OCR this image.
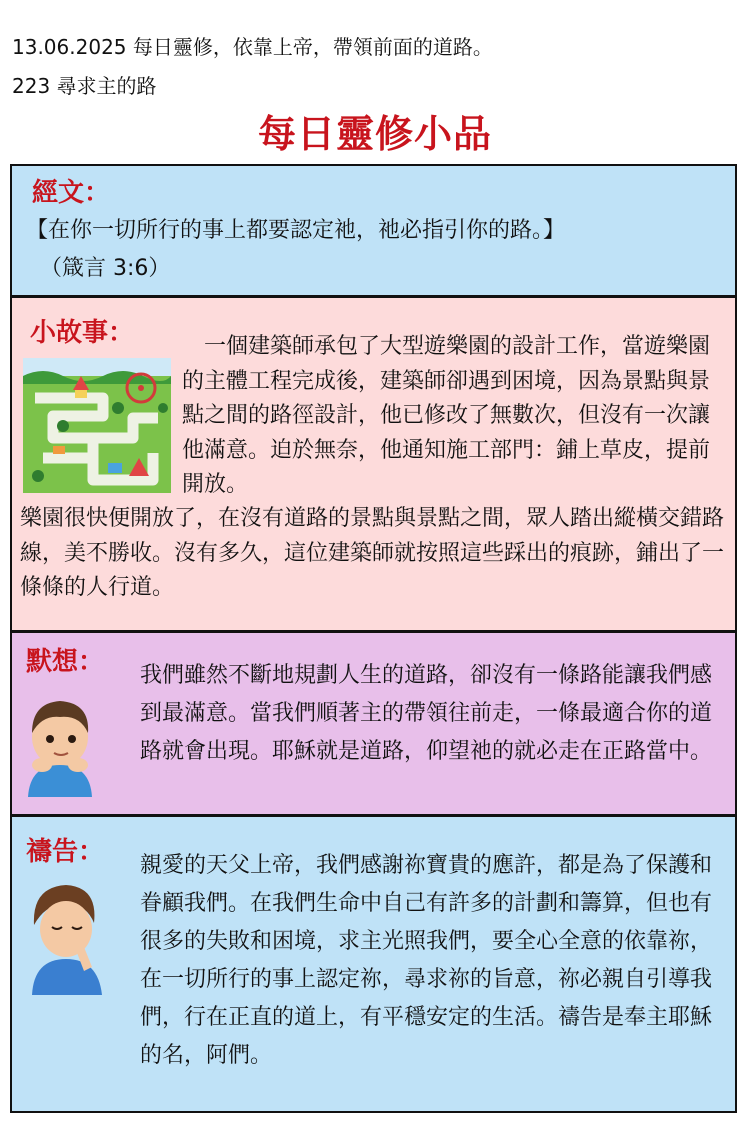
13.06.2025 每日靈修，依靠上帝，帶領前面的道路。
223 尋求主的路
每日靈修小品
經文：
【在你一切所行的事上都要認定祂，祂必指引你的路。】
（箴言 3:6）
小故事： 　一個建築師承包了大型遊樂園的設計工作，當遊樂園的主體工程完成後，建築師卻遇到困境，因為景點與景點之間的路徑設計，他已修改了無數次，但沒有一次讓他滿意。迫於無奈，他通知施工部門：鋪上草皮，提前開放。
樂園很快便開放了，在沒有道路的景點與景點之間，眾人踏出縱橫交錯路線，美不勝收。沒有多久，這位建築師就按照這些踩出的痕跡，鋪出了一條條的人行道。
默想： 我們雖然不斷地規劃人生的道路，卻沒有一條路能讓我們感到最滿意。當我們順著主的帶領往前走，一條最適合你的道路就會出現。耶穌就是道路，仰望祂的就必走在正路當中。
禱告： 親愛的天父上帝，我們感謝祢寶貴的應許，都是為了保護和眷顧我們。在我們生命中自己有許多的計劃和籌算，但也有很多的失敗和困境，求主光照我們，要全心全意的依靠祢，在一切所行的事上認定祢，尋求祢的旨意，祢必親自引導我們，行在正直的道上，有平穩安定的生活。禱告是奉主耶穌的名，阿們。
